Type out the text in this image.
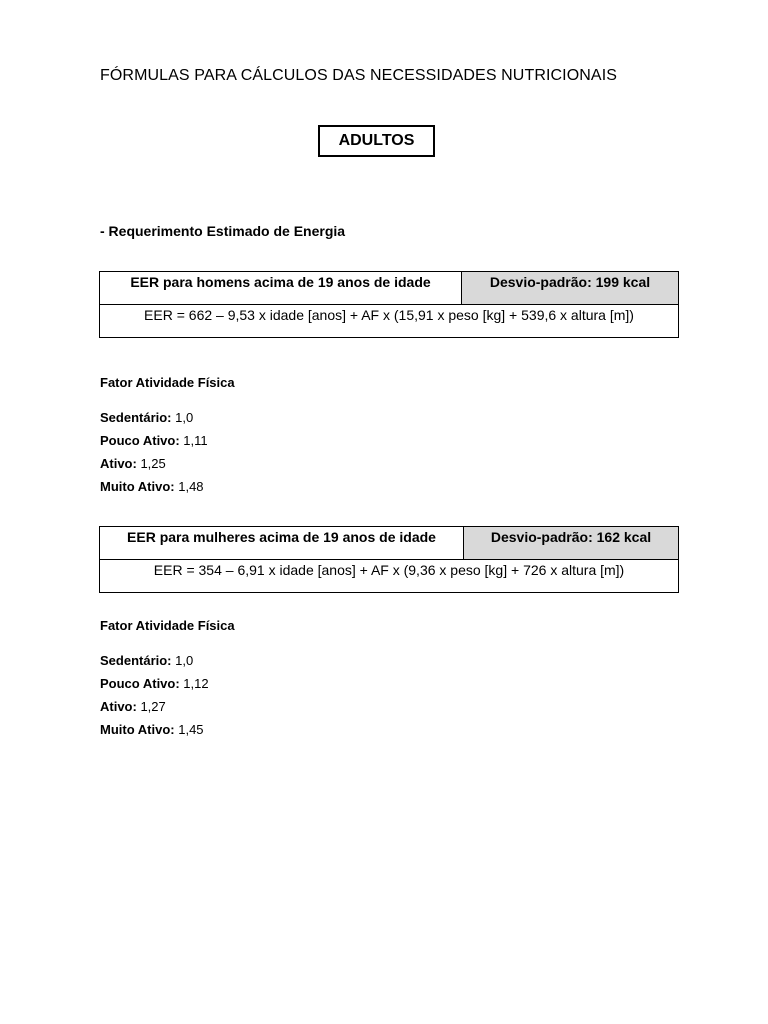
FÓRMULAS PARA CÁLCULOS DAS NECESSIDADES NUTRICIONAIS
ADULTOS
- Requerimento Estimado de Energia
EER para homens acima de 19 anos de idade	Desvio-padrão: 199 kcal
EER = 662 – 9,53 x idade [anos] + AF x (15,91 x peso [kg] + 539,6 x altura [m])
Fator Atividade Física
Sedentário: 1,0
Pouco Ativo: 1,11
Ativo: 1,25
Muito Ativo: 1,48
EER para mulheres acima de 19 anos de idade	Desvio-padrão: 162 kcal
EER = 354 – 6,91 x idade [anos] + AF x (9,36 x peso [kg] + 726 x altura [m])
Fator Atividade Física
Sedentário: 1,0
Pouco Ativo: 1,12
Ativo: 1,27
Muito Ativo: 1,45
